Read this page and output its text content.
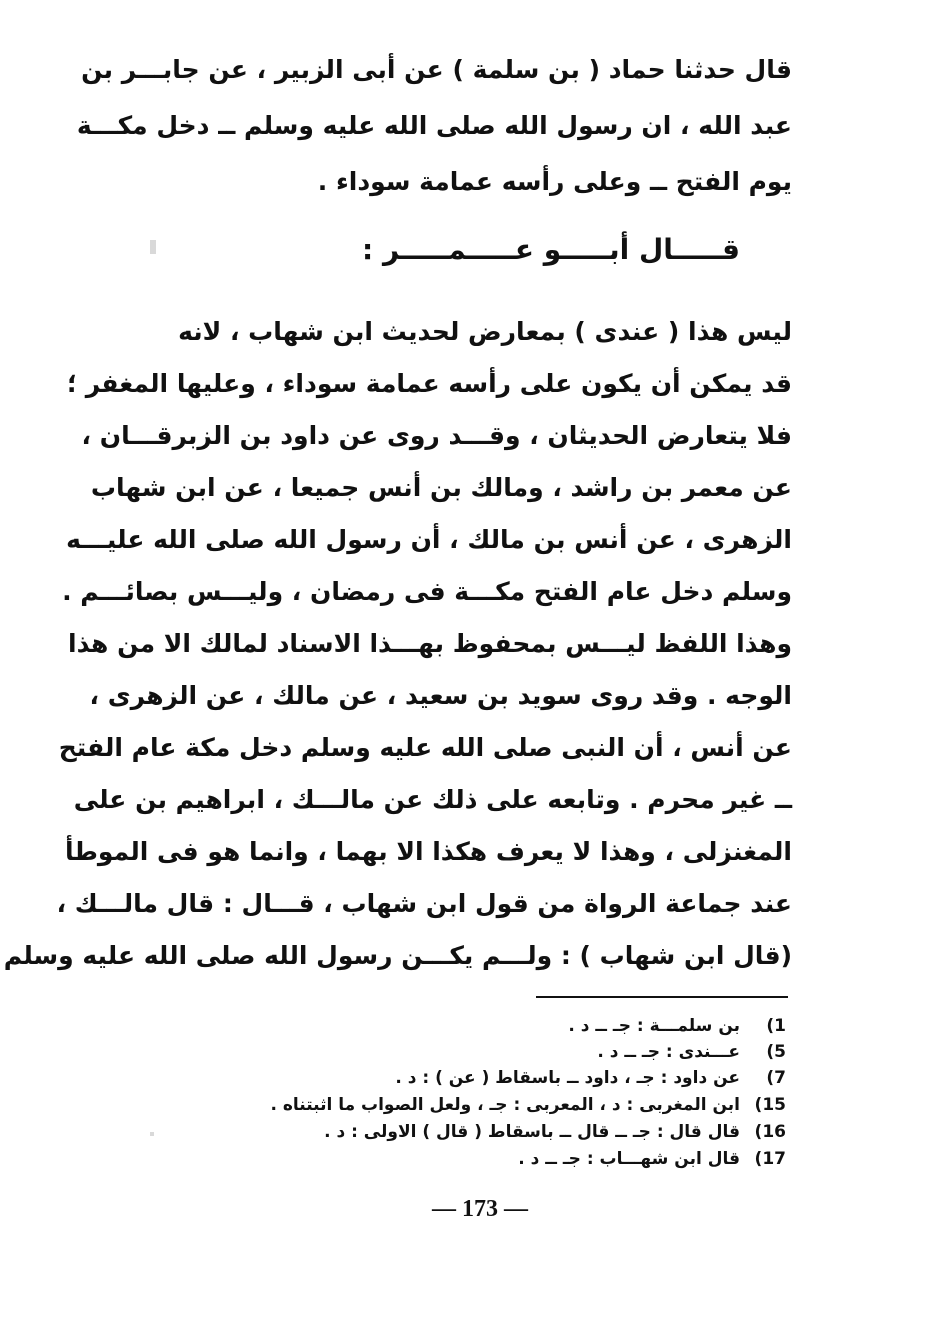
قال حدثنا حماد ( بن سلمة ) عن أبى الزبير ، عن جابـــر بن
عبد الله ، ان رسول الله صلى الله عليه وسلم ــ دخل مكـــة
يوم الفتح ــ وعلى رأسه عمامة سوداء .
قـــــال أبـــــو عـــــمـــــر :
ليس هذا ( عندى ) بمعارض لحديث ابن شهاب ، لانه
قد يمكن أن يكون على رأسه عمامة سوداء ، وعليها المغفر ؛
فلا يتعارض الحديثان ، وقـــد روى عن داود بن الزبرقـــان ،
عن معمر بن راشد ، ومالك بن أنس جميعا ، عن ابن شهاب
الزهرى ، عن أنس بن مالك ، أن رسول الله صلى الله عليـــه
وسلم دخل عام الفتح مكـــة فى رمضان ، وليـــس بصائـــم .
وهذا اللفظ ليـــس بمحفوظ بهـــذا الاسناد لمالك الا من هذا
الوجه . وقد روى سويد بن سعيد ، عن مالك ، عن الزهرى ،
عن أنس ، أن النبى صلى الله عليه وسلم دخل مكة عام الفتح
ــ غير محرم . وتابعه على ذلك عن مالـــك ، ابراهيم بن على
المغنزلى ، وهذا لا يعرف هكذا الا بهما ، وانما هو فى الموطأ
عند جماعة الرواة من قول ابن شهاب ، قـــال : قال مالـــك ،
(قال ابن شهاب ) : ولـــم يكـــن رسول الله صلى الله عليه وسلم
1)بن سلمـــة : جـ ــ د .
5)عـــندى : جـ ــ د .
7)عن داود : جـ ، داود ــ باسقاط ( عن ) : د .
15)ابن المغربى : د ، المعربى : جـ ، ولعل الصواب ما اثبتناه .
16)قال قال : جـ ــ قال ــ باسقاط ( قال ) الاولى : د .
17)قال ابن شهـــاب : جـ ــ د .
— 173 —
